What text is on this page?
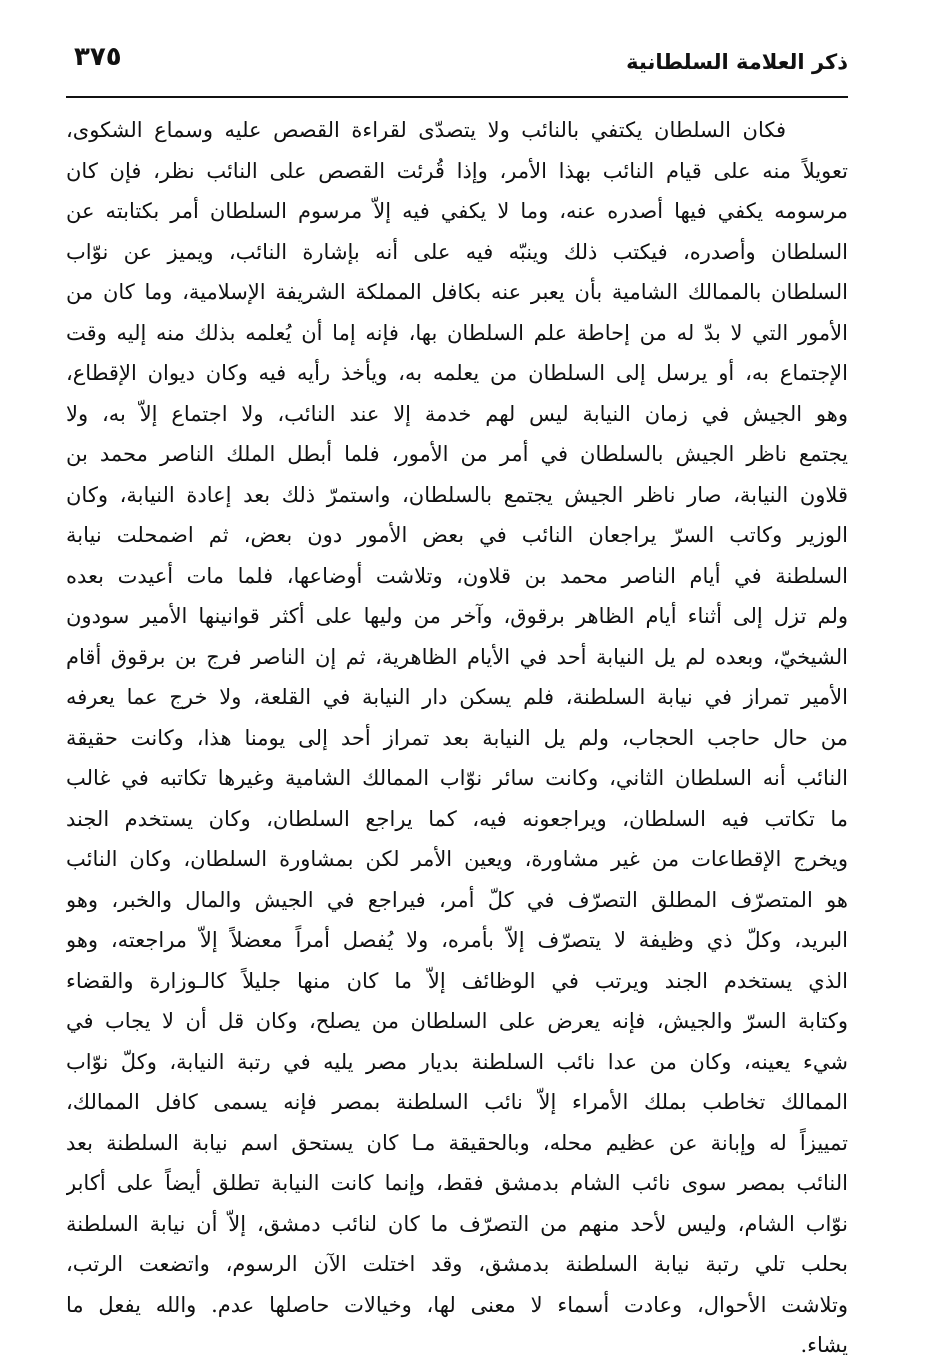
ذكر العلامة السلطانية
٣٧٥
فكان السلطان يكتفي بالنائب ولا يتصدّى لقراءة القصص عليه وسماع الشكوى،
تعويلاً منه على قيام النائب بهذا الأمر، وإذا قُرئت القصص على النائب نظر، فإن كان
مرسومه يكفي فيها أصدره عنه، وما لا يكفي فيه إلاّ مرسوم السلطان أمر بكتابته عن
السلطان وأصدره، فيكتب ذلك وينبّه فيه على أنه بإشارة النائب، ويميز عن نوّاب
السلطان بالممالك الشامية بأن يعبر عنه بكافل المملكة الشريفة الإسلامية، وما كان من
الأمور التي لا بدّ له من إحاطة علم السلطان بها، فإنه إما أن يُعلمه بذلك منه إليه وقت
الإجتماع به، أو يرسل إلى السلطان من يعلمه به، ويأخذ رأيه فيه وكان ديوان الإقطاع،
وهو الجيش في زمان النيابة ليس لهم خدمة إلا عند النائب، ولا اجتماع إلاّ به، ولا
يجتمع ناظر الجيش بالسلطان في أمر من الأمور، فلما أبطل الملك الناصر محمد بن
قلاون النيابة، صار ناظر الجيش يجتمع بالسلطان، واستمرّ ذلك بعد إعادة النيابة، وكان
الوزير وكاتب السرّ يراجعان النائب في بعض الأمور دون بعض، ثم اضمحلت نيابة
السلطنة في أيام الناصر محمد بن قلاون، وتلاشت أوضاعها، فلما مات أعيدت بعده
ولم تزل إلى أثناء أيام الظاهر برقوق، وآخر من وليها على أكثر قوانينها الأمير سودون
الشيخيّ، وبعده لم يل النيابة أحد في الأيام الظاهرية، ثم إن الناصر فرج بن برقوق أقام
الأمير تمراز في نيابة السلطنة، فلم يسكن دار النيابة في القلعة، ولا خرج عما يعرفه
من حال حاجب الحجاب، ولم يل النيابة بعد تمراز أحد إلى يومنا هذا، وكانت حقيقة
النائب أنه السلطان الثاني، وكانت سائر نوّاب الممالك الشامية وغيرها تكاتبه في غالب
ما تكاتب فيه السلطان، ويراجعونه فيه، كما يراجع السلطان، وكان يستخدم الجند
ويخرج الإقطاعات من غير مشاورة، ويعين الأمر لكن بمشاورة السلطان، وكان النائب
هو المتصرّف المطلق التصرّف في كلّ أمر، فيراجع في الجيش والمال والخبر، وهو
البريد، وكلّ ذي وظيفة لا يتصرّف إلاّ بأمره، ولا يُفصل أمراً معضلاً إلاّ مراجعته، وهو
الذي يستخدم الجند ويرتب في الوظائف إلاّ ما كان منها جليلاً كالـوزارة والقضاء
وكتابة السرّ والجيش، فإنه يعرض على السلطان من يصلح، وكان قل أن لا يجاب في
شيء يعينه، وكان من عدا نائب السلطنة بديار مصر يليه في رتبة النيابة، وكلّ نوّاب
الممالك تخاطب بملك الأمراء إلاّ نائب السلطنة بمصر فإنه يسمى كافل الممالك،
تمييزاً له وإبانة عن عظيم محله، وبالحقيقة مـا كان يستحق اسم نيابة السلطنة بعد
النائب بمصر سوى نائب الشام بدمشق فقط، وإنما كانت النيابة تطلق أيضاً على أكابر
نوّاب الشام، وليس لأحد منهم من التصرّف ما كان لنائب دمشق، إلاّ أن نيابة السلطنة
بحلب تلي رتبة نيابة السلطنة بدمشق، وقد اختلت الآن الرسوم، واتضعت الرتب،
وتلاشت الأحوال، وعادت أسماء لا معنى لها، وخيالات حاصلها عدم. والله يفعل ما
يشاء.
